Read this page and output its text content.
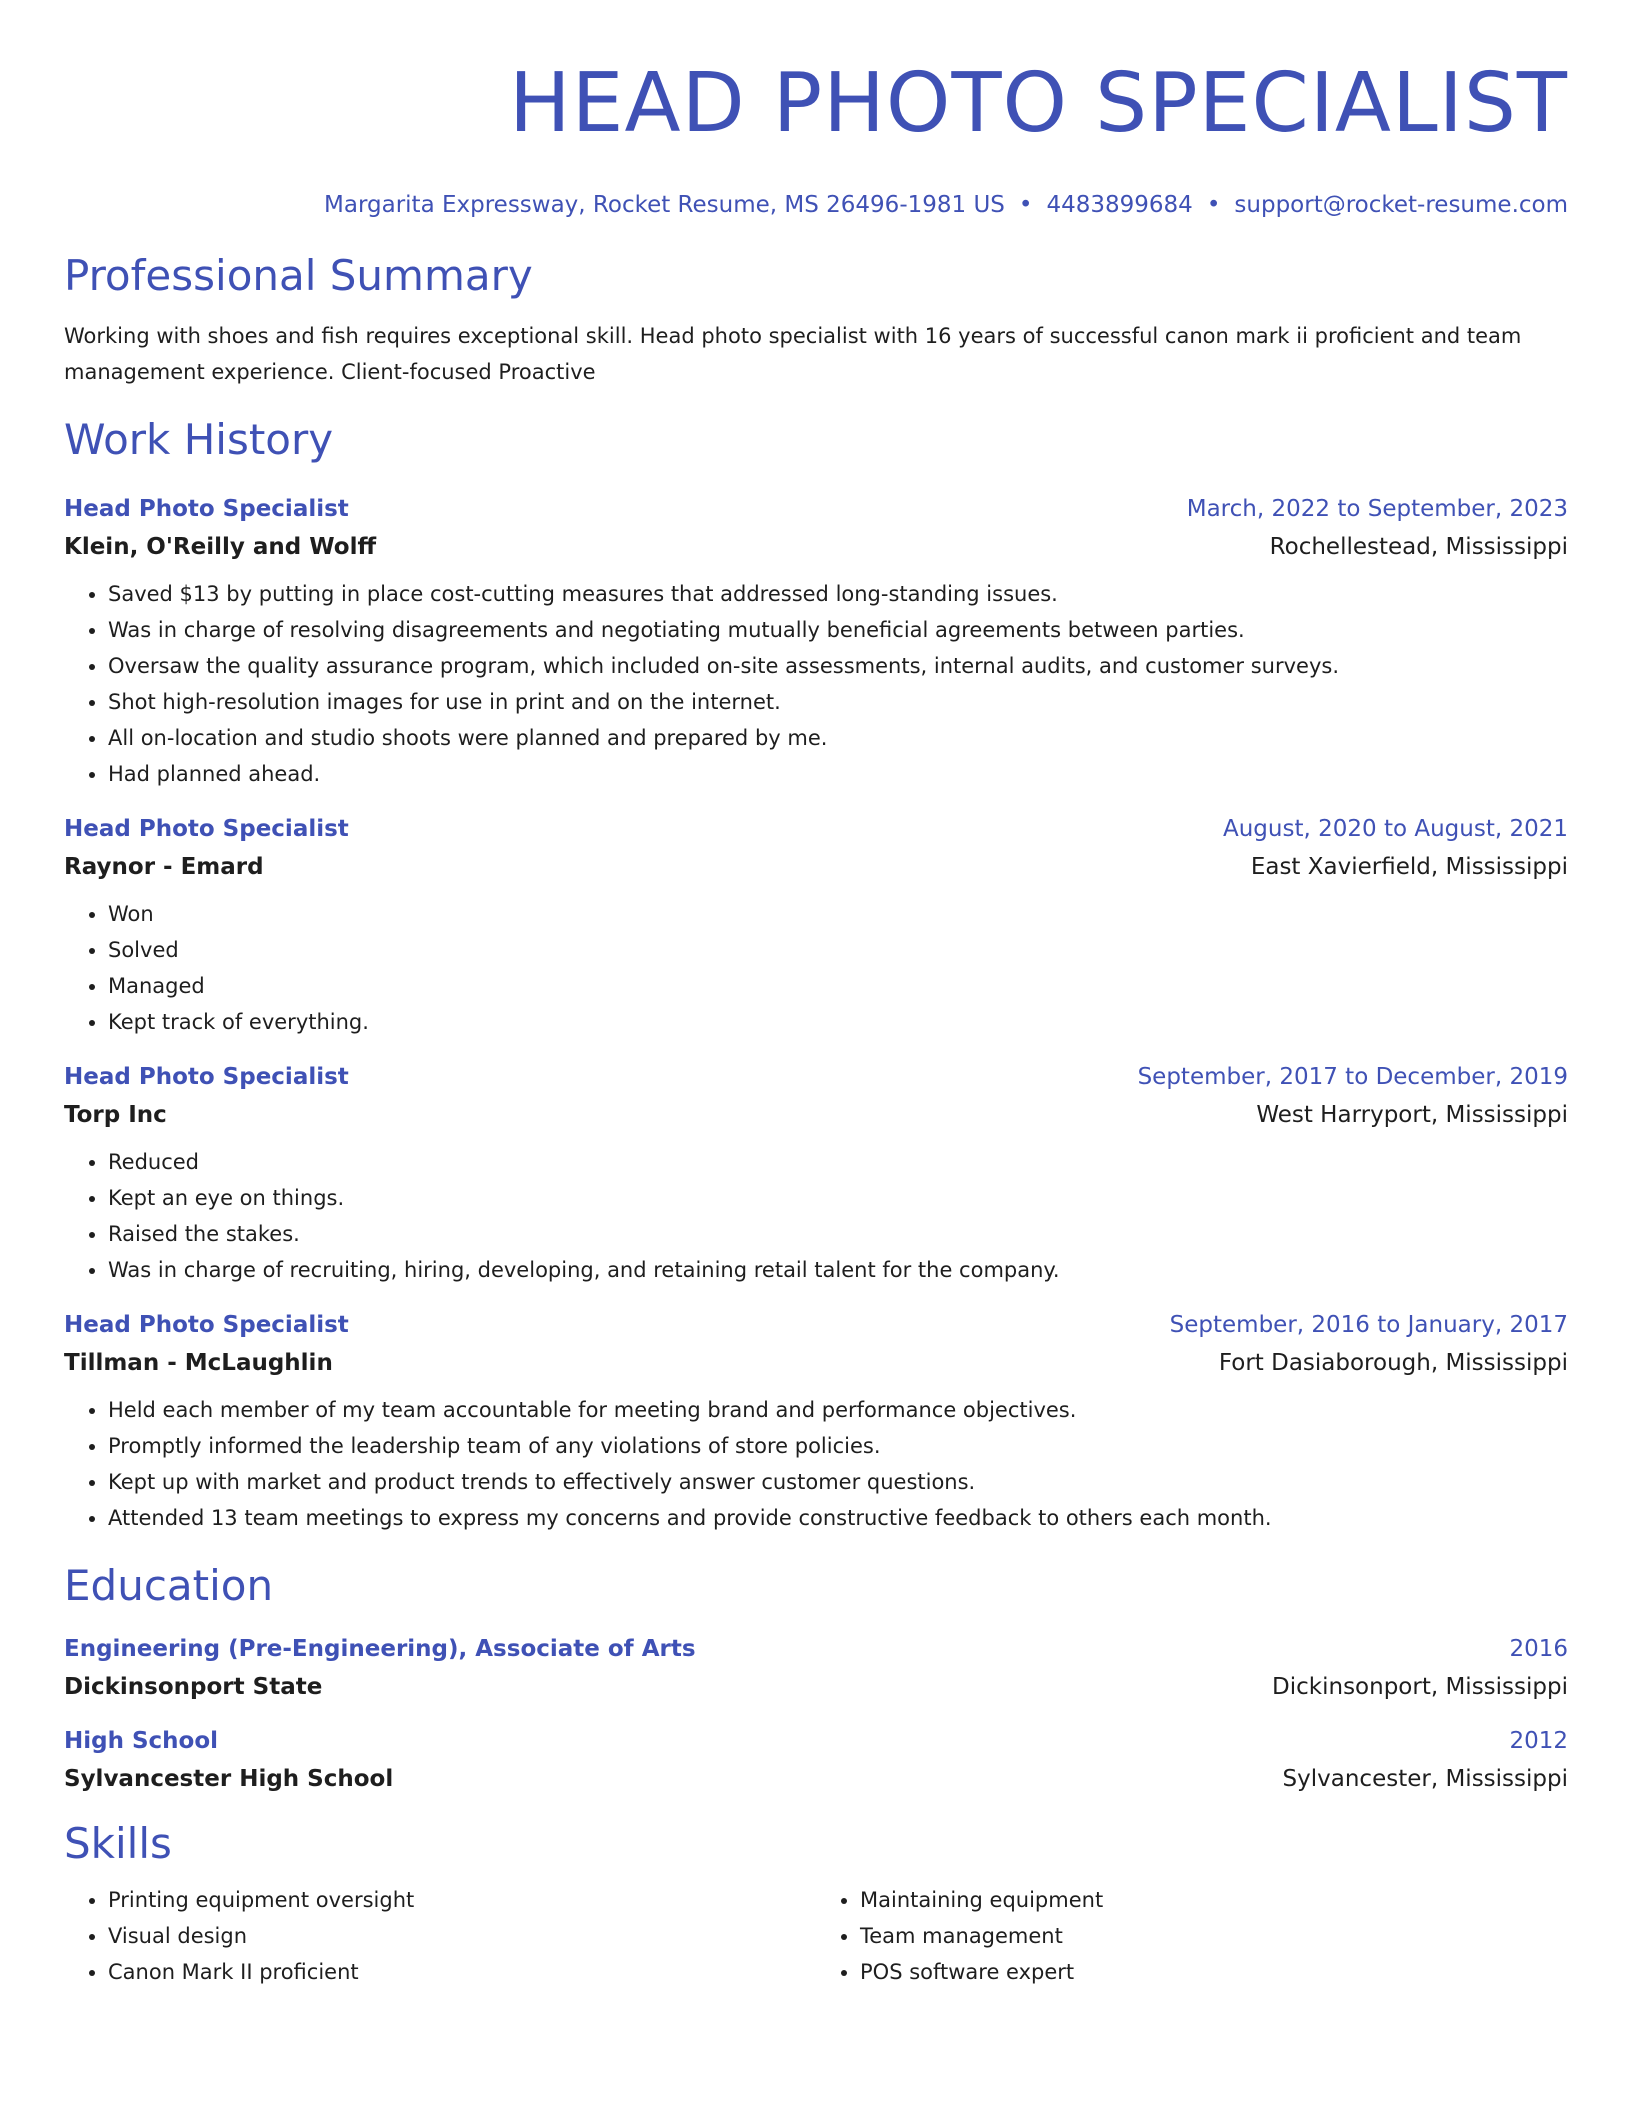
HEAD PHOTO SPECIALIST
Margarita Expressway, Rocket Resume, MS 26496-1981 US • 4483899684 • support@rocket-resume.com
Professional Summary
Working with shoes and fish requires exceptional skill. Head photo specialist with 16 years of successful canon mark ii proficient and team management experience. Client-focused Proactive
Work History
Head Photo Specialist	March, 2022 to September, 2023
Klein, O'Reilly and Wolff	Rochellestead, Mississippi
• Saved $13 by putting in place cost-cutting measures that addressed long-standing issues.
• Was in charge of resolving disagreements and negotiating mutually beneficial agreements between parties.
• Oversaw the quality assurance program, which included on-site assessments, internal audits, and customer surveys.
• Shot high-resolution images for use in print and on the internet.
• All on-location and studio shoots were planned and prepared by me.
• Had planned ahead.
Head Photo Specialist	August, 2020 to August, 2021
Raynor - Emard	East Xavierfield, Mississippi
• Won
• Solved
• Managed
• Kept track of everything.
Head Photo Specialist	September, 2017 to December, 2019
Torp Inc	West Harryport, Mississippi
• Reduced
• Kept an eye on things.
• Raised the stakes.
• Was in charge of recruiting, hiring, developing, and retaining retail talent for the company.
Head Photo Specialist	September, 2016 to January, 2017
Tillman - McLaughlin	Fort Dasiaborough, Mississippi
• Held each member of my team accountable for meeting brand and performance objectives.
• Promptly informed the leadership team of any violations of store policies.
• Kept up with market and product trends to effectively answer customer questions.
• Attended 13 team meetings to express my concerns and provide constructive feedback to others each month.
Education
Engineering (Pre-Engineering), Associate of Arts	2016
Dickinsonport State	Dickinsonport, Mississippi
High School	2012
Sylvancester High School	Sylvancester, Mississippi
Skills
• Printing equipment oversight
• Visual design
• Canon Mark II proficient
• Maintaining equipment
• Team management
• POS software expert
